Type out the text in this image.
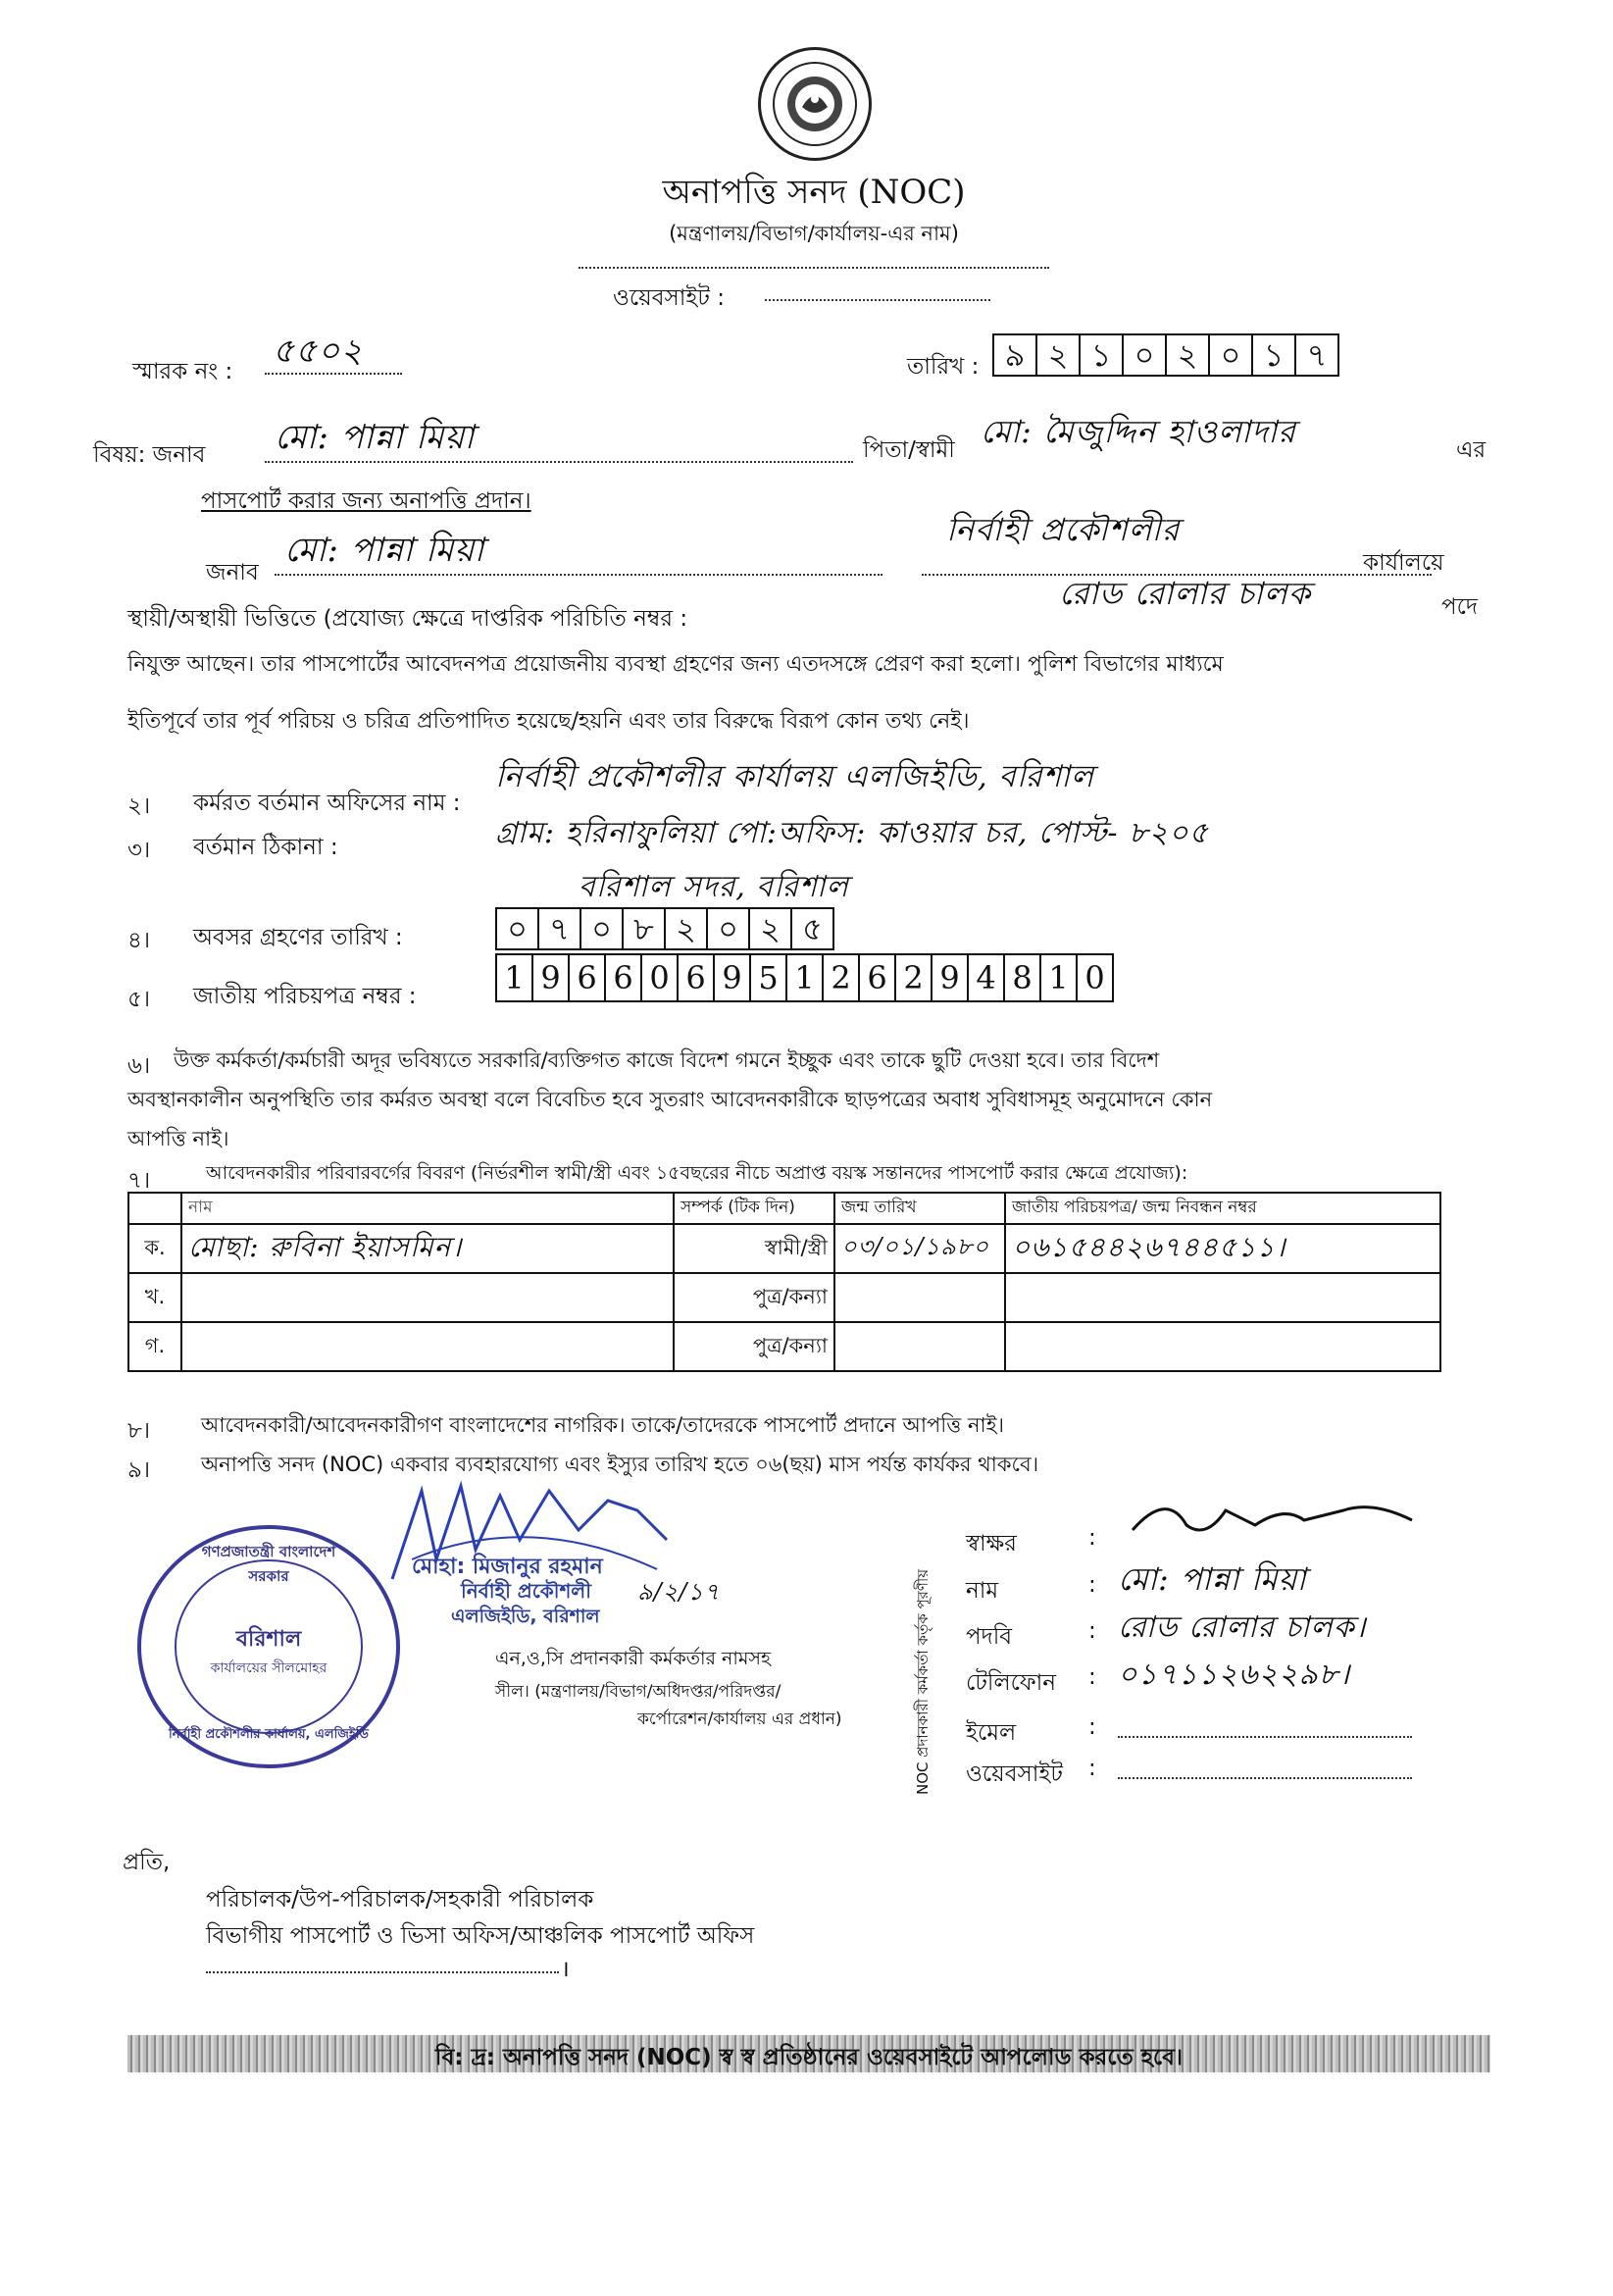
অনাপত্তি সনদ (NOC)
(মন্ত্রণালয়/বিভাগ/কার্যালয়-এর নাম)
ওয়েবসাইট :
স্মারক নং :
৫৫০২	তারিখ : ৯ ২ ১ ০ ২ ০ ১ ৭
বিষয়: জনাব মো: পান্না মিয়া	পিতা/স্বামী মো: মৈজুদ্দিন হাওলাদার	এর
পাসপোর্ট করার জন্য অনাপত্তি প্রদান।
জনাব
মো: পান্না মিয়া
নির্বাহী প্রকৌশলীর
কার্যালয়ে
স্থায়ী/অস্থায়ী ভিত্তিতে (প্রযোজ্য ক্ষেত্রে দাপ্তরিক পরিচিতি নম্বর :
রোড রোলার চালক	পদে
নিযুক্ত আছেন। তার পাসপোর্টের আবেদনপত্র প্রয়োজনীয় ব্যবস্থা গ্রহণের জন্য এতদসঙ্গে প্রেরণ করা হলো। পুলিশ বিভাগের মাধ্যমে
ইতিপূর্বে তার পূর্ব পরিচয় ও চরিত্র প্রতিপাদিত হয়েছে/হয়নি এবং তার বিরুদ্ধে বিরূপ কোন তথ্য নেই।
২। কর্মরত বর্তমান অফিসের নাম :
নির্বাহী প্রকৌশলীর কার্যালয় এলজিইডি, বরিশাল
৩। বর্তমান ঠিকানা :	গ্রাম: হরিনাফুলিয়া পো:অফিস: কাওয়ার চর, পোস্ট- ৮২০৫
বরিশাল সদর, বরিশাল
৪। অবসর গ্রহণের তারিখ :	০ ৭ ০ ৮ ২ ০ ২ ৫
৫। জাতীয় পরিচয়পত্র নম্বর :	1 9 6 6 0 6 9 5 1 2 6 2 9 4 8 1 0
৬। উক্ত কর্মকর্তা/কর্মচারী অদূর ভবিষ্যতে সরকারি/ব্যক্তিগত কাজে বিদেশ গমনে ইচ্ছুক এবং তাকে ছুটি দেওয়া হবে। তার বিদেশ
অবস্থানকালীন অনুপস্থিতি তার কর্মরত অবস্থা বলে বিবেচিত হবে সুতরাং আবেদনকারীকে ছাড়পত্রের অবাধ সুবিধাসমূহ অনুমোদনে কোন
আপত্তি নাই।
৭।	আবেদনকারীর পরিবারবর্গের বিবরণ (নির্ভরশীল স্বামী/স্ত্রী এবং ১৫বছরের নীচে অপ্রাপ্ত বয়স্ক সন্তানদের পাসপোর্ট করার ক্ষেত্রে প্রযোজ্য):
	নাম	সম্পর্ক (টিক দিন)	জন্ম তারিখ	জাতীয় পরিচয়পত্র/ জন্ম নিবন্ধন নম্বর
ক.	মোছা: রুবিনা ইয়াসমিন।	স্বামী/স্ত্রী	০৩/০১/১৯৮০	০৬১৫৪৪২৬৭৪৪৫১১।
খ.		পুত্র/কন্যা		
গ.		পুত্র/কন্যা		
৮। আবেদনকারী/আবেদনকারীগণ বাংলাদেশের নাগরিক। তাকে/তাদেরকে পাসপোর্ট প্রদানে আপত্তি নাই।
৯। অনাপত্তি সনদ (NOC) একবার ব্যবহারযোগ্য এবং ইস্যুর তারিখ হতে ০৬(ছয়) মাস পর্যন্ত কার্যকর থাকবে।
গণপ্রজাতন্ত্রী বাংলাদেশ সরকার
বরিশাল
কার্যালয়ের সীলমোহর
নির্বাহী প্রকৌশলীর কার্যালয়, এলজিইডি
মোহা: মিজানুর রহমান
নির্বাহী প্রকৌশলী
এলজিইডি, বরিশাল
৯/২/১৭
এন,ও,সি প্রদানকারী কর্মকর্তার নামসহ
সীল। (মন্ত্রণালয়/বিভাগ/অধিদপ্তর/পরিদপ্তর/
কর্পোরেশন/কার্যালয় এর প্রধান)	NOC প্রদানকারী কর্মকর্তা কর্তৃক পূরণীয়
স্বাক্ষর	:
নাম	: মো: পান্না মিয়া
পদবি	: রোড রোলার চালক।
টেলিফোন : ০১৭১১২৬২২৯৮।
ইমেল	:
ওয়েবসাইট :
প্রতি,
পরিচালক/উপ-পরিচালক/সহকারী পরিচালক
বিভাগীয় পাসপোর্ট ও ভিসা অফিস/আঞ্চলিক পাসপোর্ট অফিস
।
বি: দ্র: অনাপত্তি সনদ (NOC) স্ব স্ব প্রতিষ্ঠানের ওয়েবসাইটে আপলোড করতে হবে।
